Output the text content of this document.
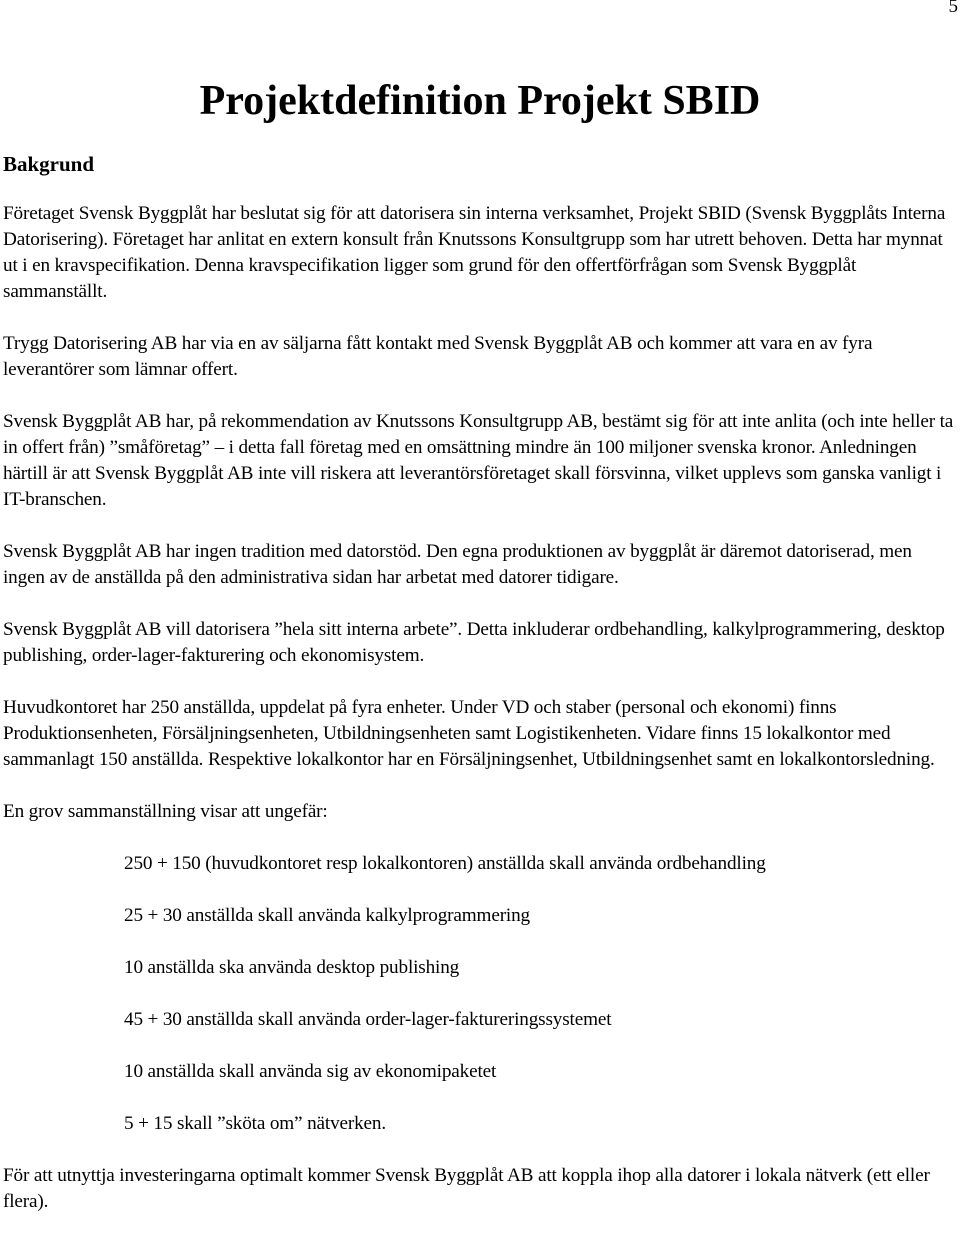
5
Projektdefinition Projekt SBID
Bakgrund

Företaget Svensk Byggplåt har beslutat sig för att datorisera sin interna verksamhet, Projekt SBID (Svensk Byggplåts Interna Datorisering). Företaget har anlitat en extern konsult från Knutssons Konsultgrupp som har utrett behoven. Detta har mynnat ut i en kravspecifikation. Denna kravspecifikation ligger som grund för den offertförfrågan som Svensk Byggplåt sammanställt.

Trygg Datorisering AB har via en av säljarna fått kontakt med Svensk Byggplåt AB och kommer att vara en av fyra leverantörer som lämnar offert.

Svensk Byggplåt AB har, på rekommendation av Knutssons Konsultgrupp AB, bestämt sig för att inte anlita (och inte heller ta in offert från) ”småföretag” – i detta fall företag med en omsättning mindre än 100 miljoner svenska kronor. Anledningen härtill är att Svensk Byggplåt AB inte vill riskera att leverantörsföretaget skall försvinna, vilket upplevs som ganska vanligt i IT-branschen.

Svensk Byggplåt AB har ingen tradition med datorstöd. Den egna produktionen av byggplåt är däremot datoriserad, men ingen av de anställda på den administrativa sidan har arbetat med datorer tidigare.

Svensk Byggplåt AB vill datorisera ”hela sitt interna arbete”. Detta inkluderar ordbehandling, kalkylprogrammering, desktop publishing, order-lager-fakturering och ekonomisystem.

Huvudkontoret har 250 anställda, uppdelat på fyra enheter. Under VD och staber (personal och ekonomi) finns Produktionsenheten, Försäljningsenheten, Utbildningsenheten samt Logistikenheten. Vidare finns 15 lokalkontor med sammanlagt 150 anställda. Respektive lokalkontor har en Försäljningsenhet, Utbildningsenhet samt en lokalkontorsledning.

En grov sammanställning visar att ungefär:

250 + 150 (huvudkontoret resp lokalkontoren) anställda skall använda ordbehandling
25 + 30 anställda skall använda kalkylprogrammering
10 anställda ska använda desktop publishing
45 + 30 anställda skall använda order-lager-faktureringssystemet
10 anställda skall använda sig av ekonomipaketet
5 + 15 skall ”sköta om” nätverken.

För att utnyttja investeringarna optimalt kommer Svensk Byggplåt AB att koppla ihop alla datorer i lokala nätverk (ett eller flera).
